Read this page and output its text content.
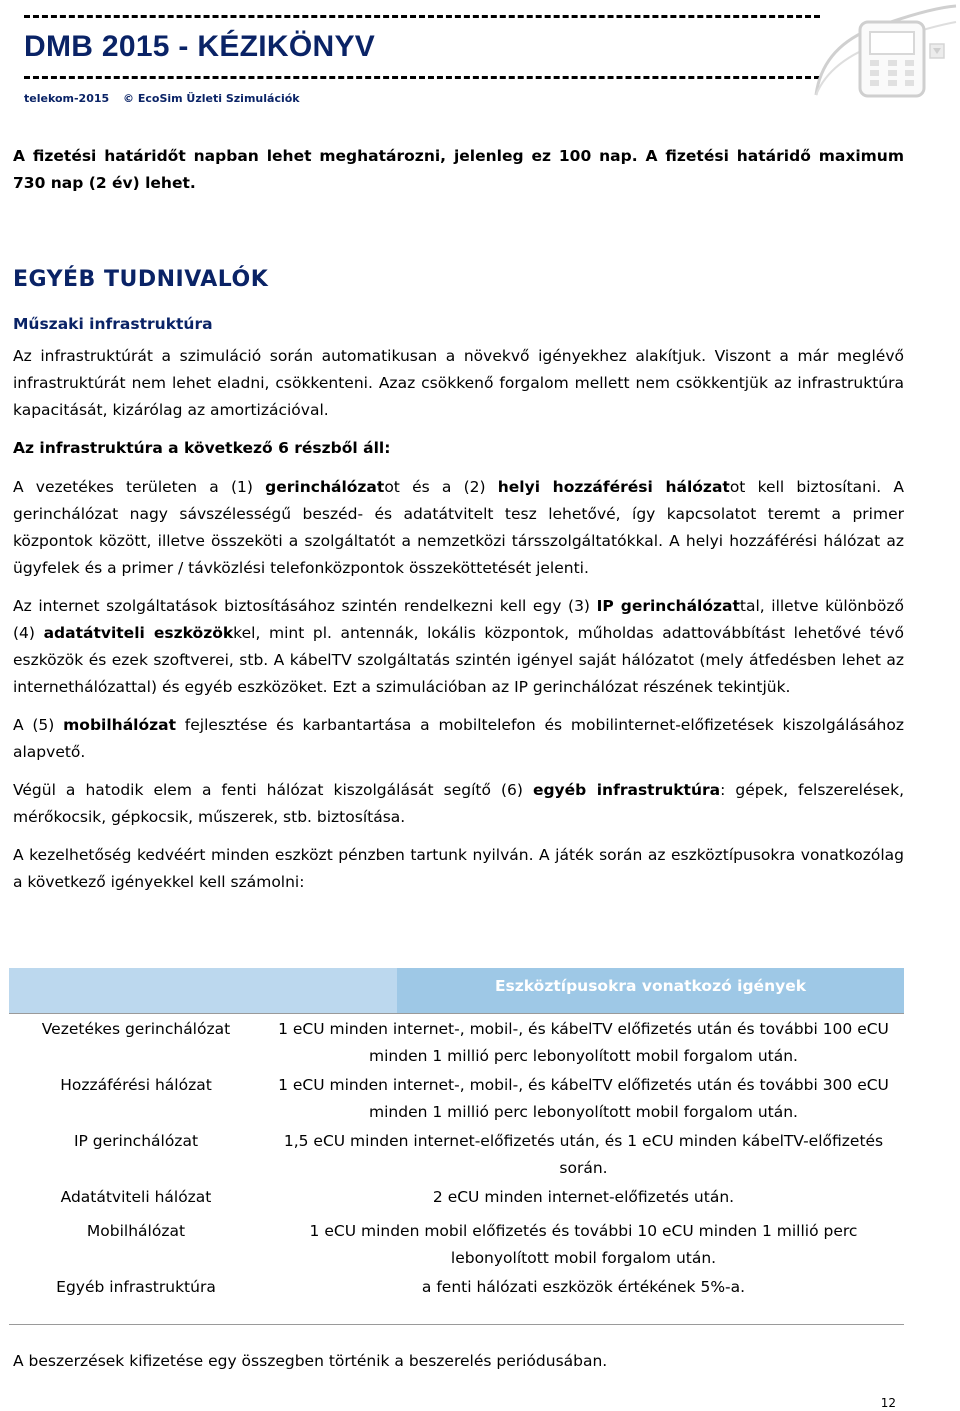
DMB 2015 - KÉZIKÖNYV
telekom-2015 © EcoSim Üzleti Szimulációk

A fizetési határidőt napban lehet meghatározni, jelenleg ez 100 nap. A fizetési határidő maximum 730 nap (2 év) lehet.

EGYÉB TUDNIVALÓK
Műszaki infrastruktúra

Az infrastruktúrát a szimuláció során automatikusan a növekvő igényekhez alakítjuk. Viszont a már meglévő infrastruktúrát nem lehet eladni, csökkenteni. Azaz csökkenő forgalom mellett nem csökkentjük az infrastruktúra kapacitását, kizárólag az amortizációval.

Az infrastruktúra a következő 6 részből áll:

A vezetékes területen a (1) gerinchálózatot és a (2) helyi hozzáférési hálózatot kell biztosítani. A gerinchálózat nagy sávszélességű beszéd- és adatátvitelt tesz lehetővé, így kapcsolatot teremt a primer központok között, illetve összeköti a szolgáltatót a nemzetközi társszolgáltatókkal. A helyi hozzáférési hálózat az ügyfelek és a primer / távközlési telefonközpontok összeköttetését jelenti.

Az internet szolgáltatások biztosításához szintén rendelkezni kell egy (3) IP gerinchálózattal, illetve különböző (4) adatátviteli eszközökkel, mint pl. antennák, lokális központok, műholdas adattovábbítást lehetővé tévő eszközök és ezek szoftverei, stb. A kábelTV szolgáltatás szintén igényel saját hálózatot (mely átfedésben lehet az internethálózattal) és egyéb eszközöket. Ezt a szimulációban az IP gerinchálózat részének tekintjük.

A (5) mobilhálózat fejlesztése és karbantartása a mobiltelefon és mobilinternet-előfizetések kiszolgálásához alapvető.

Végül a hatodik elem a fenti hálózat kiszolgálását segítő (6) egyéb infrastruktúra: gépek, felszerelések, mérőkocsik, gépkocsik, műszerek, stb. biztosítása.

A kezelhetőség kedvéért minden eszközt pénzben tartunk nyilván. A játék során az eszköztípusokra vonatkozólag a következő igényekkel kell számolni:

Eszköztípusokra vonatkozó igények
Vezetékes gerinchálózat	1 eCU minden internet-, mobil-, és kábelTV előfizetés után és további 100 eCU minden 1 millió perc lebonyolított mobil forgalom után.
Hozzáférési hálózat	1 eCU minden internet-, mobil-, és kábelTV előfizetés után és további 300 eCU minden 1 millió perc lebonyolított mobil forgalom után.
IP gerinchálózat	1,5 eCU minden internet-előfizetés után, és 1 eCU minden kábelTV-előfizetés során.
Adatátviteli hálózat	2 eCU minden internet-előfizetés után.
Mobilhálózat	1 eCU minden mobil előfizetés és további 10 eCU minden 1 millió perc lebonyolított mobil forgalom után.
Egyéb infrastruktúra	a fenti hálózati eszközök értékének 5%-a.
A beszerzések kifizetése egy összegben történik a beszerelés periódusában.
12
